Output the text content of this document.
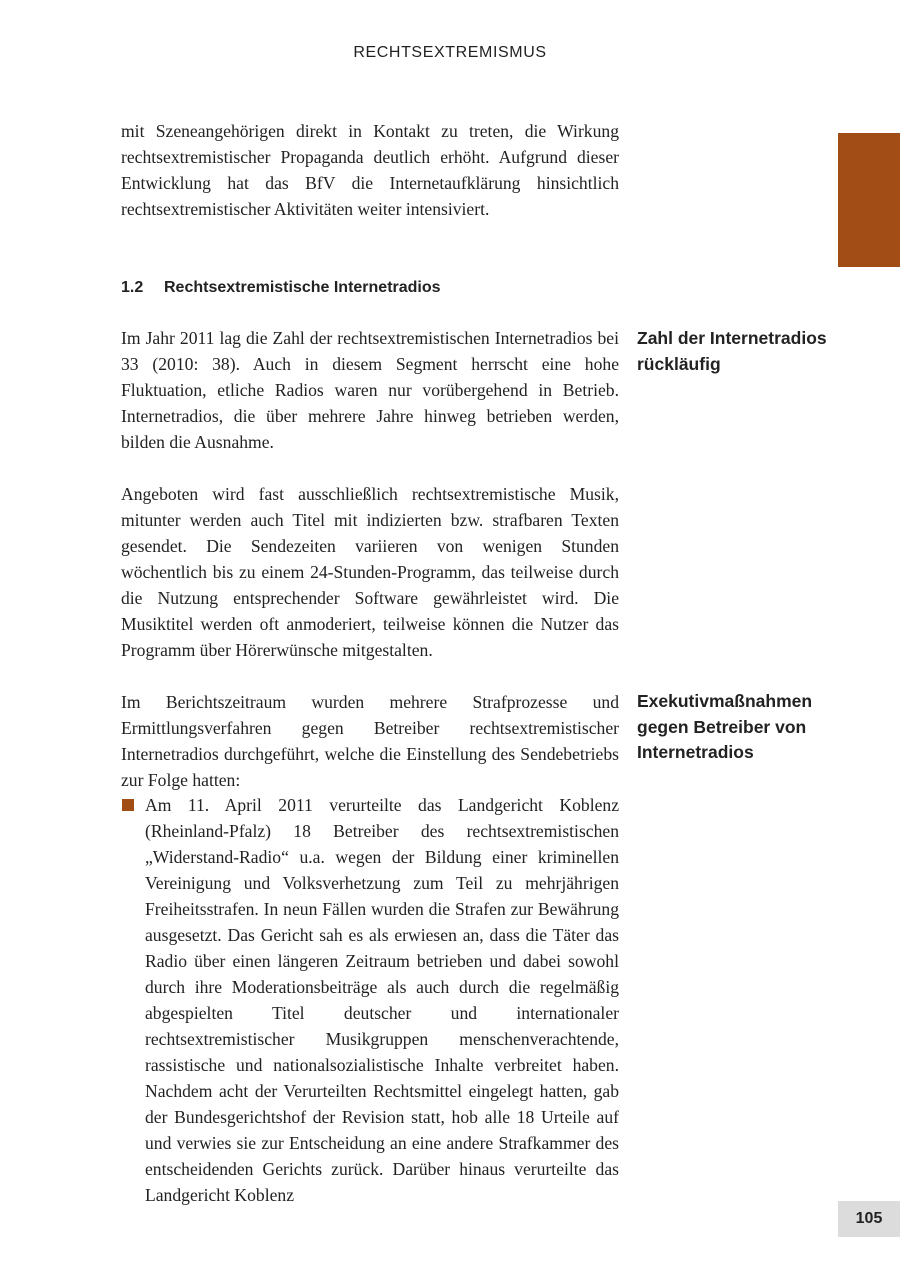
RECHTSEXTREMISMUS

mit Szeneangehörigen direkt in Kontakt zu treten, die Wirkung rechtsextremistischer Propaganda deutlich erhöht. Aufgrund dieser Entwicklung hat das BfV die Internetaufklärung hinsichtlich rechtsextremistischer Aktivitäten weiter intensiviert.

1.2 Rechtsextremistische Internetradios

Im Jahr 2011 lag die Zahl der rechtsextremistischen Internetradios bei 33 (2010: 38). Auch in diesem Segment herrscht eine hohe Fluktuation, etliche Radios waren nur vorübergehend in Betrieb. Internetradios, die über mehrere Jahre hinweg betrieben werden, bilden die Ausnahme.

Zahl der Internetradios rückläufig

Angeboten wird fast ausschließlich rechtsextremistische Musik, mitunter werden auch Titel mit indizierten bzw. strafbaren Texten gesendet. Die Sendezeiten variieren von wenigen Stunden wöchentlich bis zu einem 24-Stunden-Programm, das teilweise durch die Nutzung entsprechender Software gewährleistet wird. Die Musiktitel werden oft anmoderiert, teilweise können die Nutzer das Programm über Hörerwünsche mitgestalten.

Im Berichtszeitraum wurden mehrere Strafprozesse und Ermittlungsverfahren gegen Betreiber rechtsextremistischer Internetradios durchgeführt, welche die Einstellung des Sendebetriebs zur Folge hatten:

Exekutivmaßnahmen gegen Betreiber von Internetradios

Am 11. April 2011 verurteilte das Landgericht Koblenz (Rheinland-Pfalz) 18 Betreiber des rechtsextremistischen „Widerstand-Radio“ u.a. wegen der Bildung einer kriminellen Vereinigung und Volksverhetzung zum Teil zu mehrjährigen Freiheitsstrafen. In neun Fällen wurden die Strafen zur Bewährung ausgesetzt. Das Gericht sah es als erwiesen an, dass die Täter das Radio über einen längeren Zeitraum betrieben und dabei sowohl durch ihre Moderationsbeiträge als auch durch die regelmäßig abgespielten Titel deutscher und internationaler rechtsextremistischer Musikgruppen menschenverachtende, rassistische und nationalsozialistische Inhalte verbreitet haben. Nachdem acht der Verurteilten Rechtsmittel eingelegt hatten, gab der Bundesgerichtshof der Revision statt, hob alle 18 Urteile auf und verwies sie zur Entscheidung an eine andere Strafkammer des entscheidenden Gerichts zurück. Darüber hinaus verurteilte das Landgericht Koblenz

105
